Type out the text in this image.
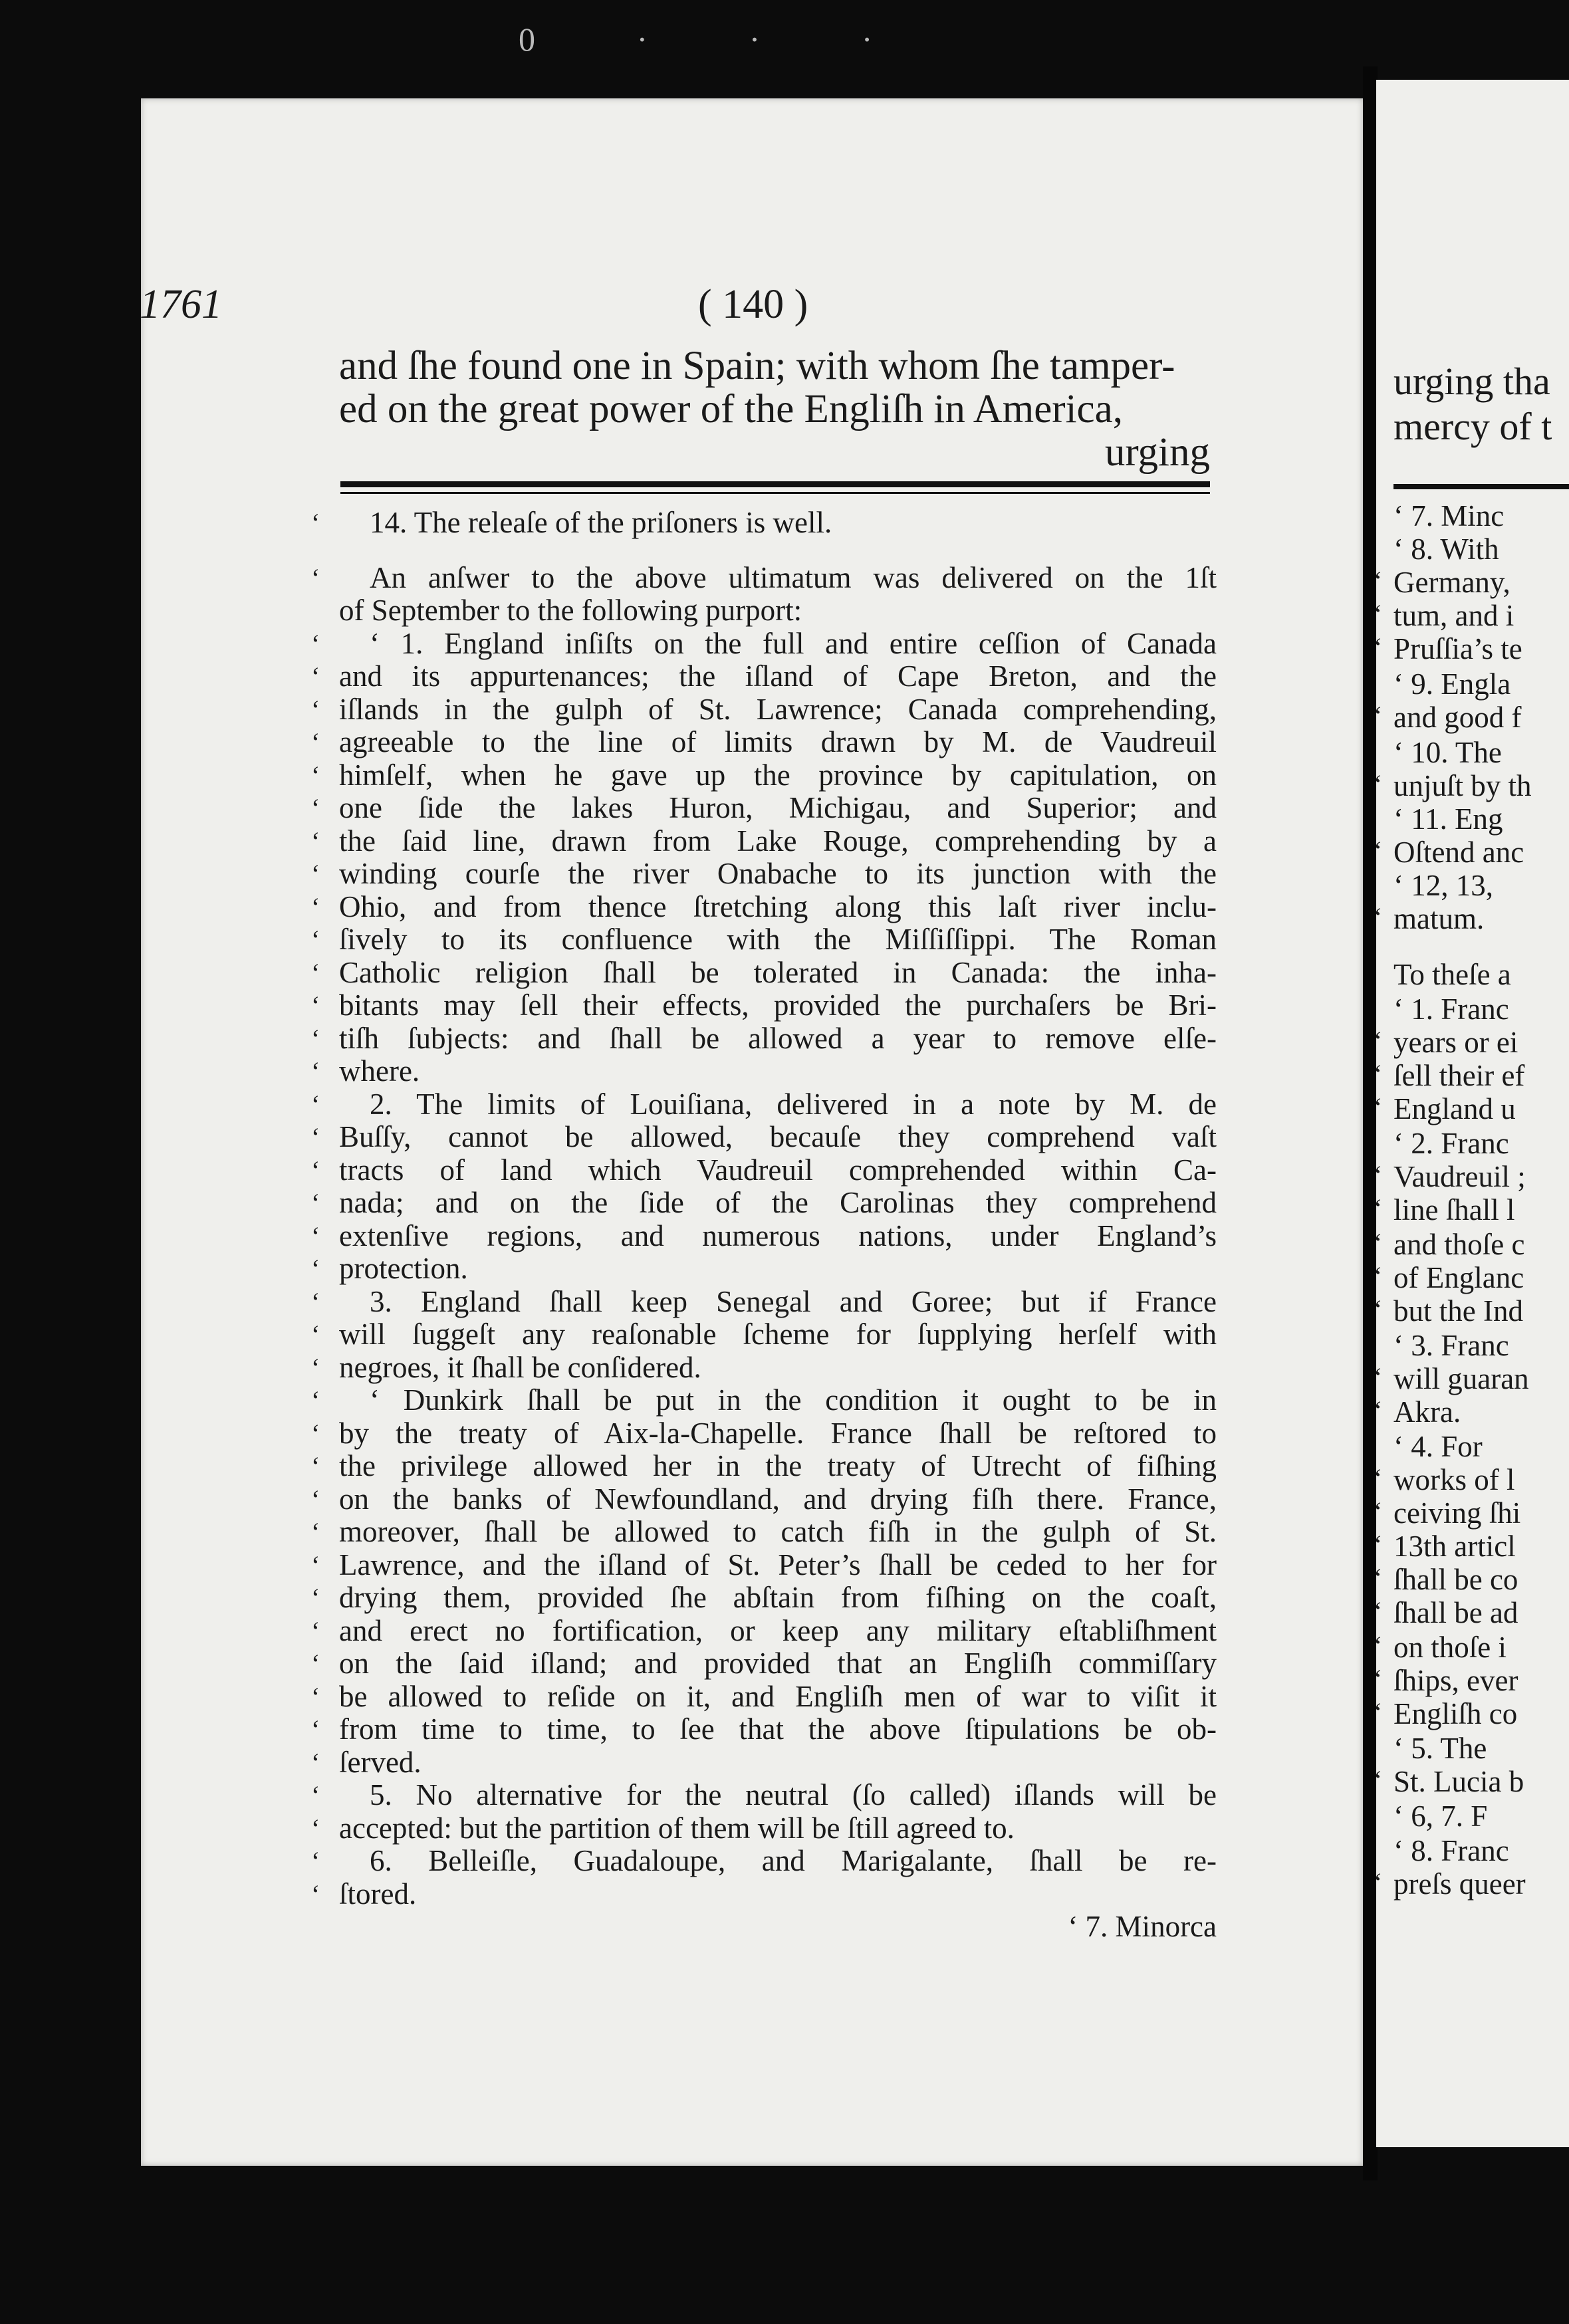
0 · · ·
1761	( 140 )
and ſhe found one in Spain; with whom ſhe tamper-
ed on the great power of the Engliſh in America,
urging
‘ 14. The releaſe of the priſoners is well.
‘ An anſwer to the above ultimatum was delivered on the 1ſt
of September to the following purport:
‘ ‘ 1. England inſiſts on the full and entire ceſſion of Canada
‘ and its appurtenances; the iſland of Cape Breton, and the
‘ iſlands in the gulph of St. Lawrence; Canada comprehending,
‘ agreeable to the line of limits drawn by M. de Vaudreuil
‘ himſelf, when he gave up the province by capitulation, on
‘ one ſide the lakes Huron, Michigau, and Superior; and
‘ the ſaid line, drawn from Lake Rouge, comprehending by a
‘ winding courſe the river Onabache to its junction with the
‘ Ohio, and from thence ſtretching along this laſt river inclu-
‘ ſively to its confluence with the Miſſiſſippi. The Roman
‘ Catholic religion ſhall be tolerated in Canada: the inha-
‘ bitants may ſell their effects, provided the purchaſers be Bri-
‘ tiſh ſubjects: and ſhall be allowed a year to remove elſe-
‘ where.
‘ 2. The limits of Louiſiana, delivered in a note by M. de
‘ Buſſy, cannot be allowed, becauſe they comprehend vaſt
‘ tracts of land which Vaudreuil comprehended within Ca-
‘ nada; and on the ſide of the Carolinas they comprehend
‘ extenſive regions, and numerous nations, under England’s
‘ protection.
‘ 3. England ſhall keep Senegal and Goree; but if France
‘ will ſuggeſt any reaſonable ſcheme for ſupplying herſelf with
‘ negroes, it ſhall be conſidered.
‘ ‘ Dunkirk ſhall be put in the condition it ought to be in
‘ by the treaty of Aix-la-Chapelle. France ſhall be reſtored to
‘ the privilege allowed her in the treaty of Utrecht of fiſhing
‘ on the banks of Newfoundland, and drying fiſh there. France,
‘ moreover, ſhall be allowed to catch fiſh in the gulph of St.
‘ Lawrence, and the iſland of St. Peter’s ſhall be ceded to her for
‘ drying them, provided ſhe abſtain from fiſhing on the coaſt,
‘ and erect no fortification, or keep any military eſtabliſhment
‘ on the ſaid iſland; and provided that an Engliſh commiſſary
‘ be allowed to reſide on it, and Engliſh men of war to viſit it
‘ from time to time, to ſee that the above ſtipulations be ob-
‘ ſerved.
‘ 5. No alternative for the neutral (ſo called) iſlands will be
‘ accepted: but the partition of them will be ſtill agreed to.
‘ 6. Belleiſle, Guadaloupe, and Marigalante, ſhall be re-
‘ ſtored.
‘ 7. Minorca
urging tha
mercy of t
‘ 7. Minc
‘ 8. With
‘ Germany,
‘ tum, and i
‘ Pruſſia’s te
‘ 9. Engla
‘ and good f
‘ 10. The
‘ unjuſt by th
‘ 11. Eng
‘ Oſtend anc
‘ 12, 13,
‘ matum.
To theſe a
‘ 1. Franc
‘ years or ei
‘ ſell their ef
‘ England u
‘ 2. Franc
‘ Vaudreuil ;
‘ line ſhall l
‘ and thoſe c
‘ of Englanc
‘ but the Ind
‘ 3. Franc
‘ will guaran
‘ Akra.
‘ 4. For
‘ works of l
‘ ceiving ſhi
‘ 13th articl
‘ ſhall be co
‘ ſhall be ad
‘ on thoſe i
‘ ſhips, ever
‘ Engliſh co
‘ 5. The
‘ St. Lucia b
‘ 6, 7. F
‘ 8. Franc
‘ preſs queer
